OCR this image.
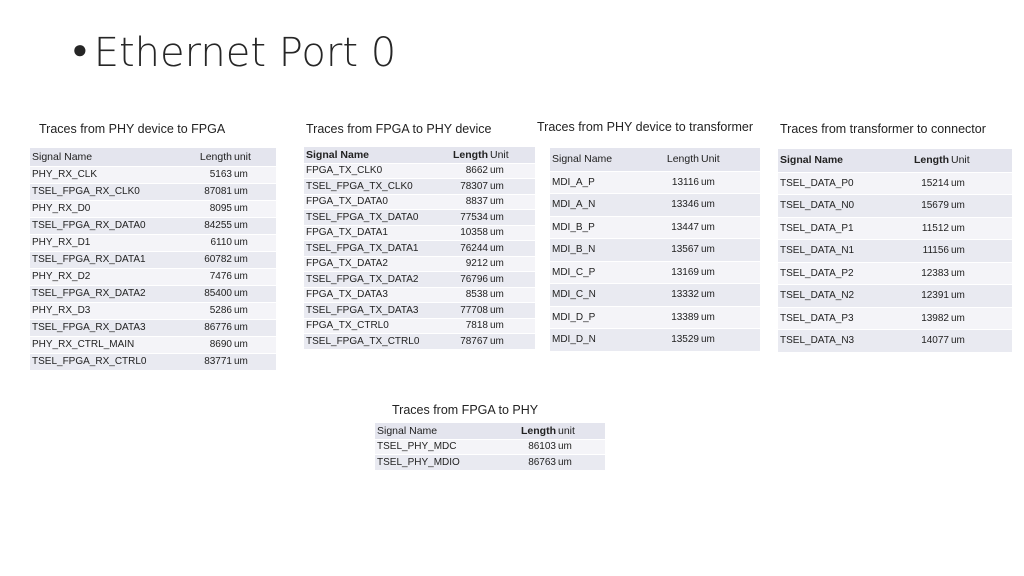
● Ethernet Port 0
Traces from PHY device to FPGA
Signal Name	Length	unit
PHY_RX_CLK	5163	um
TSEL_FPGA_RX_CLK0	87081	um
PHY_RX_D0	8095	um
TSEL_FPGA_RX_DATA0	84255	um
PHY_RX_D1	6110	um
TSEL_FPGA_RX_DATA1	60782	um
PHY_RX_D2	7476	um
TSEL_FPGA_RX_DATA2	85400	um
PHY_RX_D3	5286	um
TSEL_FPGA_RX_DATA3	86776	um
PHY_RX_CTRL_MAIN	8690	um
TSEL_FPGA_RX_CTRL0	83771	um
Traces from FPGA to PHY device
Signal Name	Length	Unit
FPGA_TX_CLK0	8662	um
TSEL_FPGA_TX_CLK0	78307	um
FPGA_TX_DATA0	8837	um
TSEL_FPGA_TX_DATA0	77534	um
FPGA_TX_DATA1	10358	um
TSEL_FPGA_TX_DATA1	76244	um
FPGA_TX_DATA2	9212	um
TSEL_FPGA_TX_DATA2	76796	um
FPGA_TX_DATA3	8538	um
TSEL_FPGA_TX_DATA3	77708	um
FPGA_TX_CTRL0	7818	um
TSEL_FPGA_TX_CTRL0	78767	um
Traces from PHY device to transformer
Signal Name	Length	Unit
MDI_A_P	13116	um
MDI_A_N	13346	um
MDI_B_P	13447	um
MDI_B_N	13567	um
MDI_C_P	13169	um
MDI_C_N	13332	um
MDI_D_P	13389	um
MDI_D_N	13529	um
Traces from transformer to connector
Signal Name	Length	Unit
TSEL_DATA_P0	15214	um
TSEL_DATA_N0	15679	um
TSEL_DATA_P1	11512	um
TSEL_DATA_N1	11156	um
TSEL_DATA_P2	12383	um
TSEL_DATA_N2	12391	um
TSEL_DATA_P3	13982	um
TSEL_DATA_N3	14077	um
Traces from FPGA to PHY
Signal Name	Length	unit
TSEL_PHY_MDC	86103	um
TSEL_PHY_MDIO	86763	um
